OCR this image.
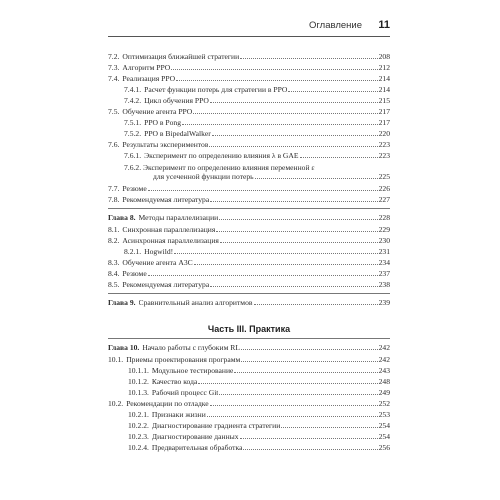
Оглавление 11
7.2. Оптимизация ближайшей стратегии	208
7.3. Алгоритм PPO	212
7.4. Реализация PPO	214
7.4.1. Расчет функции потерь для стратегии в PPO	214
7.4.2. Цикл обучения PPO	215
7.5. Обучение агента PPO	217
7.5.1. PPO в Pong	217
7.5.2. PPO в BipedalWalker	220
7.6. Результаты экспериментов	223
7.6.1. Эксперимент по определению влияния λ в GAE	223
7.6.2. Эксперимент по определению влияния переменной ε
для усеченной функции потерь	225
7.7. Резюме	226
7.8. Рекомендуемая литература	227
Глава 8. Методы параллелизации	228
8.1. Синхронная параллелизация	229
8.2. Асинхронная параллелизация	230
8.2.1. Hogwild!	231
8.3. Обучение агента A3C	234
8.4. Резюме	237
8.5. Рекомендуемая литература	238
Глава 9. Сравнительный анализ алгоритмов	239
Часть III. Практика
Глава 10. Начало работы с глубоким RL	242
10.1. Приемы проектирования программ	242
10.1.1. Модульное тестирование	243
10.1.2. Качество кода	248
10.1.3. Рабочий процесс Git	249
10.2. Рекомендации по отладке	252
10.2.1. Признаки жизни	253
10.2.2. Диагностирование градиента стратегии	254
10.2.3. Диагностирование данных	254
10.2.4. Предварительная обработка	256
